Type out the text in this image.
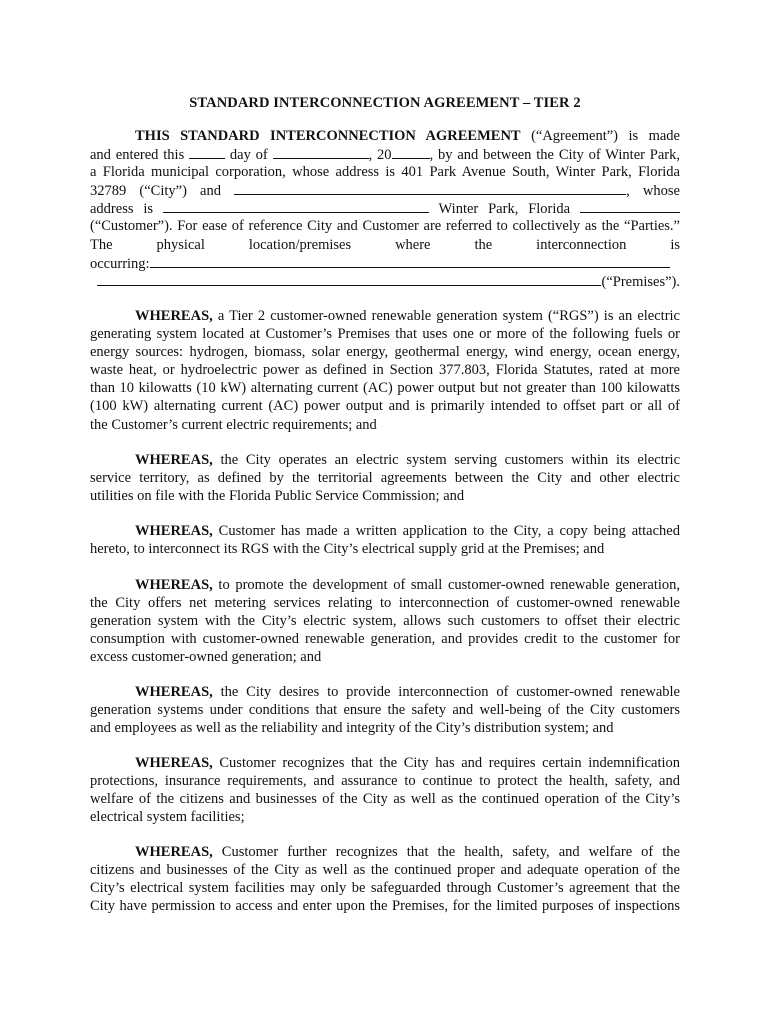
STANDARD INTERCONNECTION AGREEMENT – TIER 2
THIS STANDARD INTERCONNECTION AGREEMENT (“Agreement”) is made
and entered this  day of	, 20	, by and between the City of Winter Park,
a Florida municipal corporation, whose address is 401 Park Avenue South, Winter Park, Florida
32789 (“City”) and	, whose
address is	Winter Park, Florida
(“Customer”). For ease of reference City and Customer are referred to collectively as the “Parties.”
The physical location/premises where the interconnection is
occurring:
(“Premises”).
WHEREAS, a Tier 2 customer-owned renewable generation system (“RGS”) is an electric
generating system located at Customer’s Premises that uses one or more of the following fuels or
energy sources: hydrogen, biomass, solar energy, geothermal energy, wind energy, ocean energy,
waste heat, or hydroelectric power as defined in Section 377.803, Florida Statutes, rated at more
than 10 kilowatts (10 kW) alternating current (AC) power output but not greater than 100 kilowatts
(100 kW) alternating current (AC) power output and is primarily intended to offset part or all of
the Customer’s current electric requirements; and
WHEREAS, the City operates an electric system serving customers within its electric
service territory, as defined by the territorial agreements between the City and other electric
utilities on file with the Florida Public Service Commission; and
WHEREAS, Customer has made a written application to the City, a copy being attached
hereto, to interconnect its RGS with the City’s electrical supply grid at the Premises; and
WHEREAS, to promote the development of small customer-owned renewable generation,
the City offers net metering services relating to interconnection of customer-owned renewable
generation system with the City’s electric system, allows such customers to offset their electric
consumption with customer-owned renewable generation, and provides credit to the customer for
excess customer-owned generation; and
WHEREAS, the City desires to provide interconnection of customer-owned renewable
generation systems under conditions that ensure the safety and well-being of the City customers
and employees as well as the reliability and integrity of the City’s distribution system; and
WHEREAS, Customer recognizes that the City has and requires certain indemnification
protections, insurance requirements, and assurance to continue to protect the health, safety, and
welfare of the citizens and businesses of the City as well as the continued operation of the City’s
electrical system facilities;
WHEREAS, Customer further recognizes that the health, safety, and welfare of the
citizens and businesses of the City as well as the continued proper and adequate operation of the
City’s electrical system facilities may only be safeguarded through Customer’s agreement that the
City have permission to access and enter upon the Premises, for the limited purposes of inspections
